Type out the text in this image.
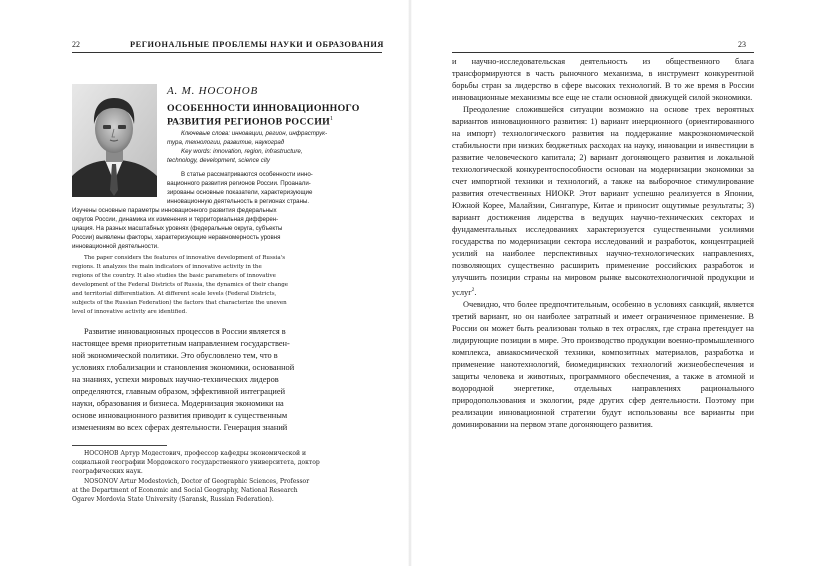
22	РЕГИОНАЛЬНЫЕ ПРОБЛЕМЫ НАУКИ И ОБРАЗОВАНИЯ	23
А. М. НОСОНОВ
ОСОБЕННОСТИ ИННОВАЦИОННОГО
РАЗВИТИЯ РЕГИОНОВ РОССИИ$^1$
Ключевые слова: инновации, регион, инфраструк-
тура, технологии, развитие, наукоград
Key words: innovation, region, infrastructure,
technology, development, science city
В статье рассматриваются особенности инно-
вационного развития регионов России. Проанали-
зированы основные показатели, характеризующие
инновационную деятельность в регионах страны.
Изучены основные параметры инновационного развития федеральных
округов России, динамика их изменения и территориальная дифферен-
циация. На разных масштабных уровнях (федеральные округа, субъекты
России) выявлены факторы, характеризующие неравномерность уровня
инновационной деятельности.
The paper considers the features of innovative development of Russia's
regions. It analyzes the main indicators of innovative activity in the
regions of the country. It also studies the basic parameters of innovative
development of the Federal Districts of Russia, the dynamics of their change
and territorial differentiation. At different scale levels (Federal Districts,
subjects of the Russian Federation) the factors that characterize the uneven
level of innovative activity are identified.
Развитие инновационных процессов в России является в
настоящее время приоритетным направлением государствен-
ной экономической политики. Это обусловлено тем, что в
условиях глобализации и становления экономики, основанной
на знаниях, успехи мировых научно-технических лидеров
определяются, главным образом, эффективной интеграцией
науки, образования и бизнеса. Модернизация экономики на
основе инновационного развития приводит к существенным
изменениям во всех сферах деятельности. Генерация знаний
НОСОНОВ Артур Модестович, профессор кафедры экономической и
социальной географии Мордовского государственного университета, доктор
географических наук.
NOSONOV Artur Modestovich, Doctor of Geographic Sciences, Professor
at the Department of Economic and Social Geography, National Research
Ogarev Mordovia State University (Saransk, Russian Federation).

и научно-исследовательская деятельность из общественного блага трансформируются в часть рыночного механизма, в инструмент конкурентной борьбы стран за лидерство в сфере высоких технологий. В то же время в России инновационные механизмы все еще не стали основной движущей силой экономики.

Преодоление сложившейся ситуации возможно на основе трех вероятных вариантов инновационного развития: 1) вариант инерционного (ориентированного на импорт) технологического развития на поддержание макроэкономической стабильности при низких бюджетных расходах на науку, инновации и инвестиции в развитие человеческого капитала; 2) вариант догоняющего развития и локальной технологической конкурентоспособности основан на модернизации экономики за счет импортной техники и технологий, а также на выборочное стимулирование развития отечественных НИОКР. Этот вариант успешно реализуется в Японии, Южной Корее, Малайзии, Сингапуре, Китае и приносит ощутимые результаты; 3) вариант достижения лидерства в ведущих научно-технических секторах и фундаментальных исследованиях характеризуется существенными усилиями государства по модернизации сектора исследований и разработок, концентрацией усилий на наиболее перспективных научно-технологических направлениях, позволяющих существенно расширить применение российских разработок и улучшить позиции страны на мировом рынке высокотехнологичной продукции и услуг$^2$.

Очевидно, что более предпочтительным, особенно в условиях санкций, является третий вариант, но он наиболее затратный и имеет ограниченное применение. В России он может быть реализован только в тех отраслях, где страна претендует на лидирующие позиции в мире. Это производство продукции военно-промышленного комплекса, авиакосмической техники, композитных материалов, разработка и применение нанотехнологий, биомедицинских технологий жизнеобеспечения и защиты человека и животных, программного обеспечения, а также в атомной и водородной энергетике, отдельных направлениях рационального природопользования и экологии, ряде других сфер деятельности. Поэтому при реализации инновационной стратегии будут использованы все варианты при доминировании на первом этапе догоняющего развития.
